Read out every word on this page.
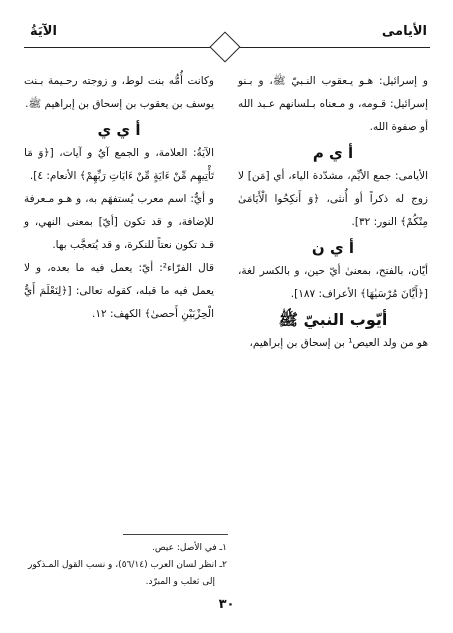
الأيامى
الآيَةُ

و إسرائيل: هـو يـعقوب النـبيّ ﷺ، و بـنو إسرائيل: قـومه، و مـعناه بـلسانهم عـبد الله أو صفوة الله.

أ ي م

الأيامى: جمع الأيِّم، مشدّدة الياء، أي [مَن] لا زوج له ذكراً أو أُنثى، ﴿وَ أَنكِحُوا الْأَيَامَىٰ مِنْكُمْ﴾ النور: ٣٢].

أ ي ن

أيّان، بالفتح، بمعنىٰ أيّ حين، و بالكسر لغة، [﴿أَيَّانَ مُرْسَيٰهَا﴾ الأعراف: ١٨٧].

أيّوب النبيّ ﷺ

هو من ولد العيص¹ بن إسحاق بن إبراهيم،

وكانت أُمُّه بنت لوط، و زوجته رحـيمة بـنت يوسف بن يعقوب بن إسحاق بن إبراهيم ﷺ.

أ ي ي

الآيَةُ: العلامة، و الجمع آيٌ و آيات، [﴿وَ مَا تَأْتِيهِم مِّنْ ءَايَةٍ مِّنْ ءَايَاتِ رَبِّهِمْ﴾ الأنعام: ٤].

و أيٌّ: اسم معرب يُستفهَم به، و هـو مـعرفة للإضافة، و قد تكون [أيّ] بمعنى النهي، و قـد تكون نعتاً للنكرة، و قد يُتعجَّب بها.

قال الفرّاء²: أيّ: يعمل فيه ما بعده، و لا يعمل فيه ما قبله، كقوله تعالى: [﴿لِنَعْلَمَ أَيُّ الْحِزْبَيْنِ أَحصىٰ﴾ الكهف: ١٢.

١ـ في الأصل: عيص.

٢ـ انظر لسان العرب (٥٦/١٤)، و نسب القول المـذكور

إلى ثعلب و المبرّد.

٣٠
